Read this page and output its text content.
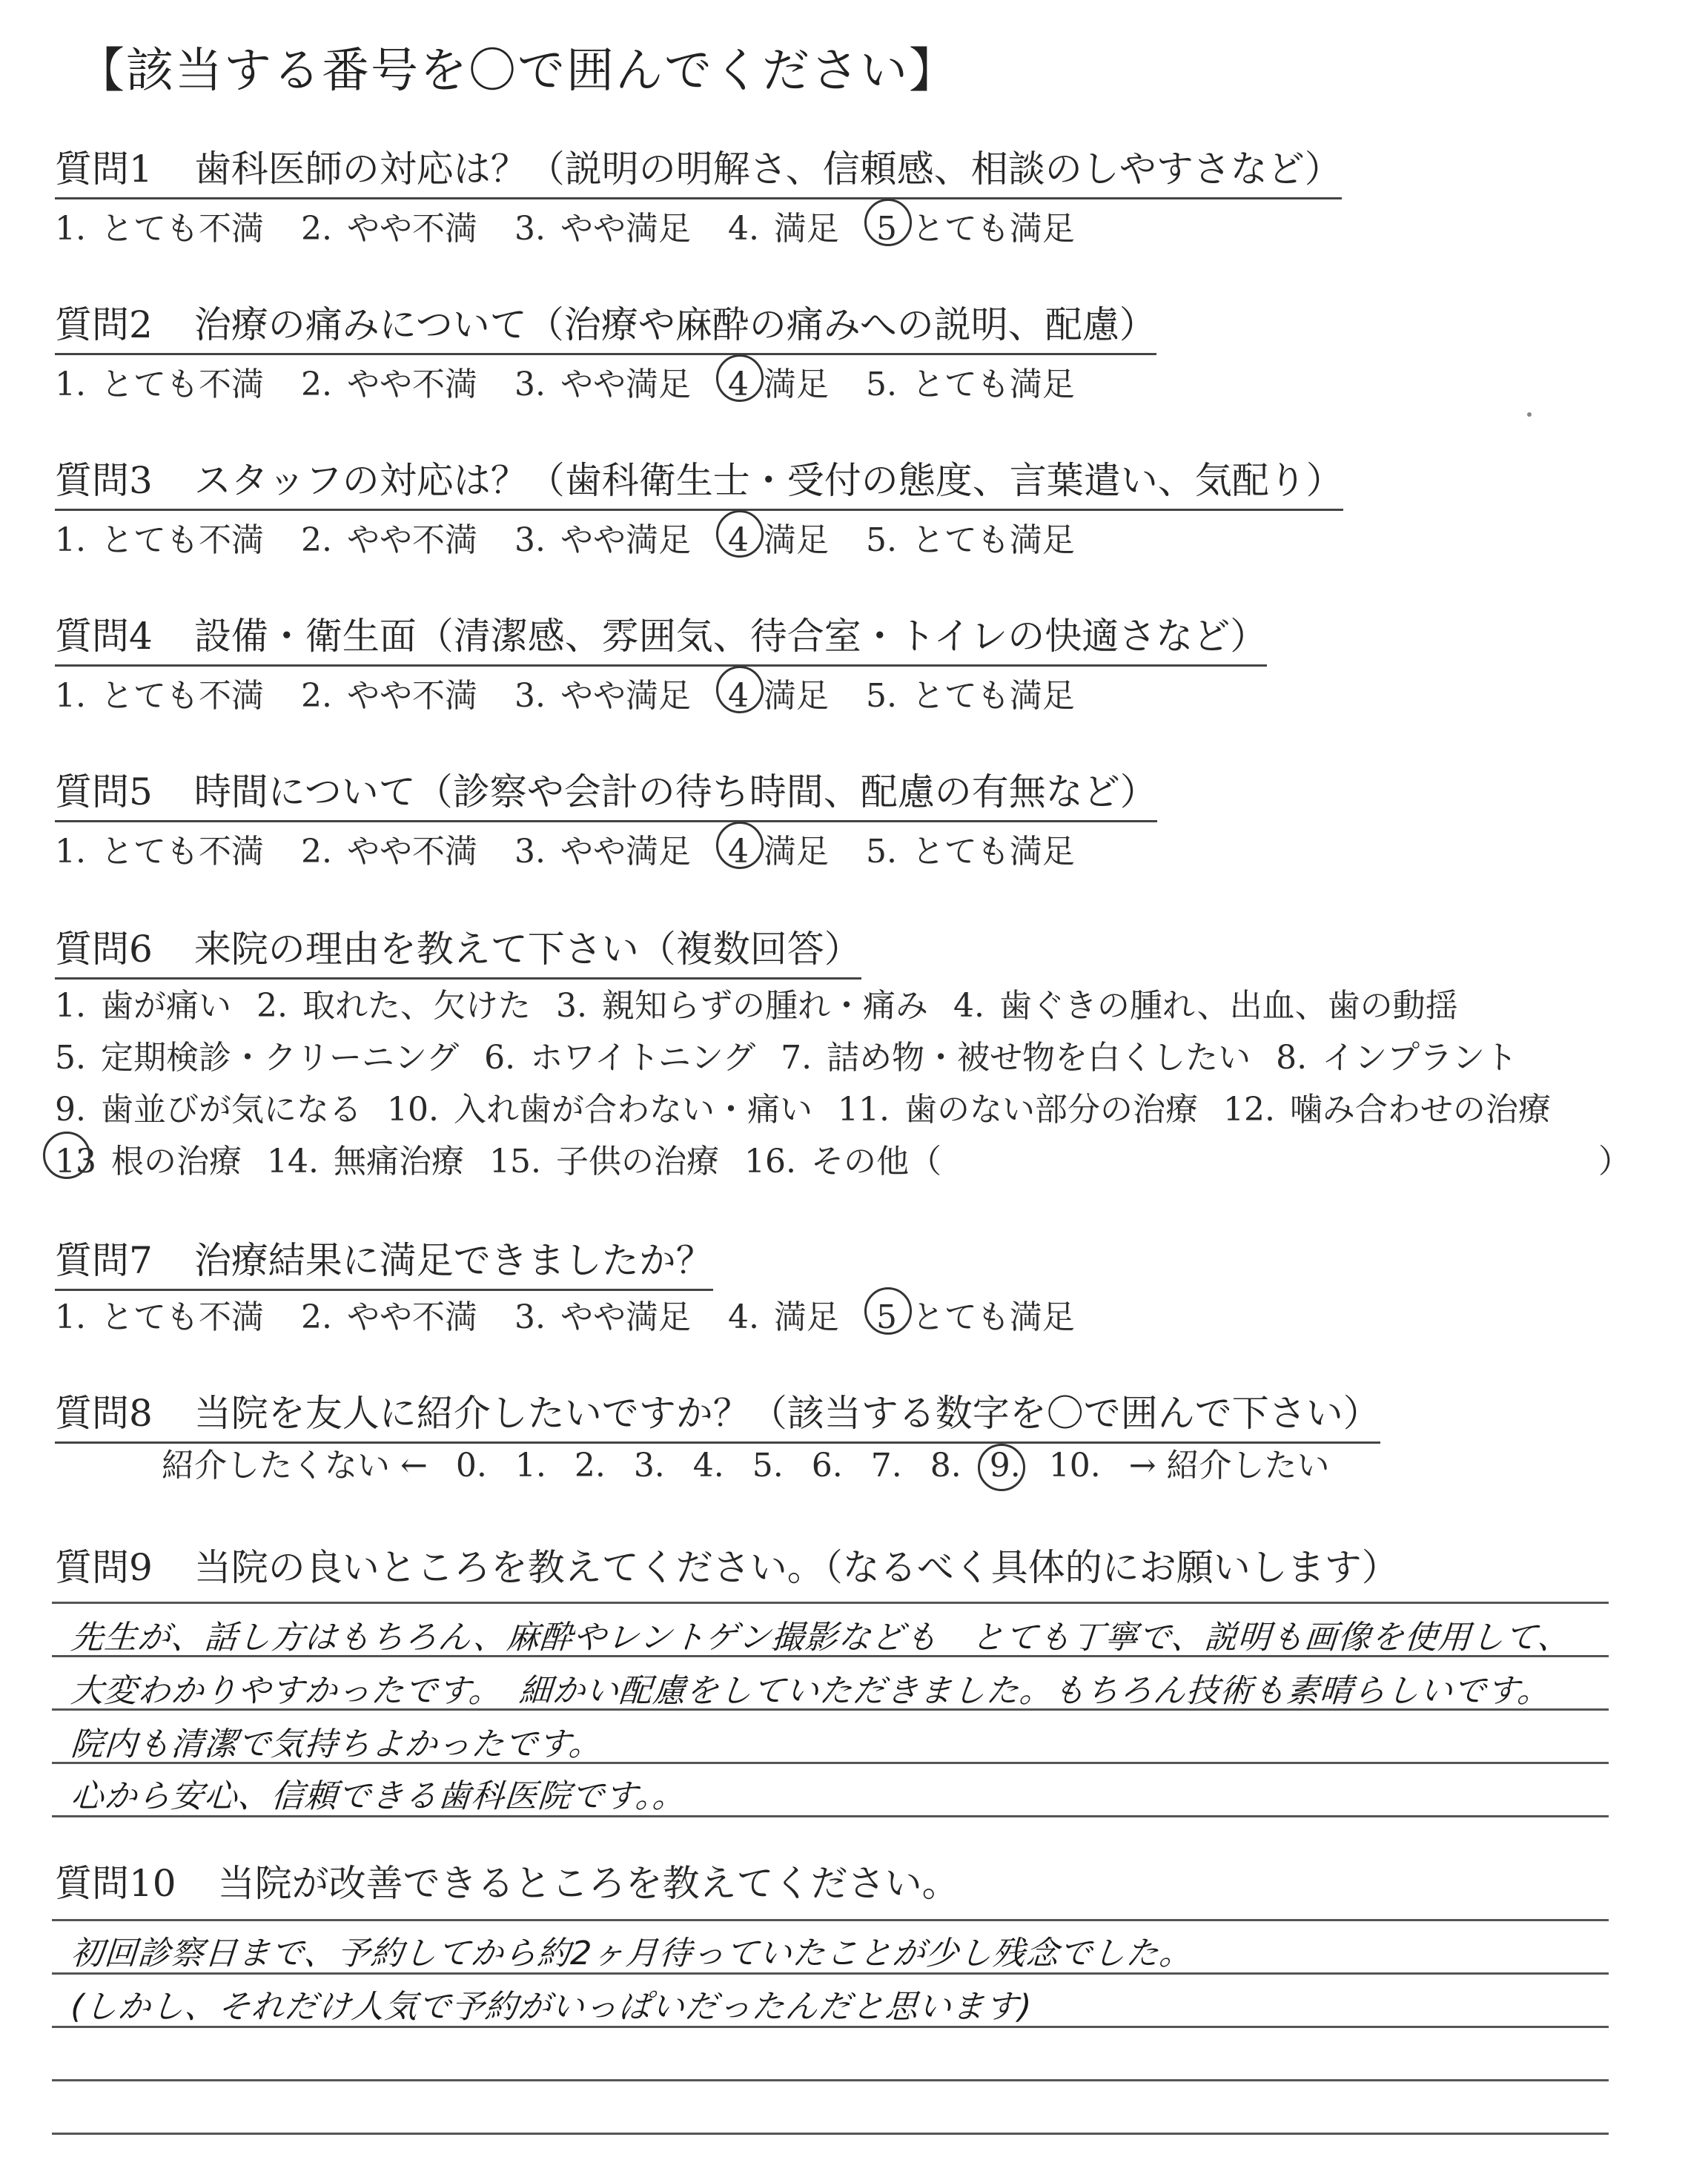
【該当する番号を〇で囲んでください】
質問1 歯科医師の対応は？（説明の明解さ、信頼感、相談のしやすさなど）
1. とても不満 2. やや不満 3. やや満足 4. 満足 5 とても満足
質問2 治療の痛みについて（治療や麻酔の痛みへの説明、配慮）
1. とても不満 2. やや不満 3. やや満足 4 満足 5. とても満足
質問3 スタッフの対応は？（歯科衛生士・受付の態度、言葉遣い、気配り）
1. とても不満 2. やや不満 3. やや満足 4 満足 5. とても満足
質問4 設備・衛生面（清潔感、雰囲気、待合室・トイレの快適さなど）
1. とても不満 2. やや不満 3. やや満足 4 満足 5. とても満足
質問5 時間について（診察や会計の待ち時間、配慮の有無など）
1. とても不満 2. やや不満 3. やや満足 4 満足 5. とても満足
質問6 来院の理由を教えて下さい（複数回答）
1. 歯が痛い 2. 取れた、欠けた 3. 親知らずの腫れ・痛み 4. 歯ぐきの腫れ、出血、歯の動揺
5. 定期検診・クリーニング 6. ホワイトニング 7. 詰め物・被せ物を白くしたい 8. インプラント
9. 歯並びが気になる 10. 入れ歯が合わない・痛い 11. 歯のない部分の治療 12. 噛み合わせの治療
13 根の治療 14. 無痛治療 15. 子供の治療 16. その他（	）
質問7 治療結果に満足できましたか？
1. とても不満 2. やや不満 3. やや満足 4. 満足 5 とても満足
質問8 当院を友人に紹介したいですか？（該当する数字を〇で囲んで下さい）
紹介したくない ← 0. 1. 2. 3. 4. 5. 6. 7. 8. 9. 10. → 紹介したい
質問9 当院の良いところを教えてください。（なるべく具体的にお願いします）
先生が、話し方はもちろん、麻酔やレントゲン撮影なども　とても丁寧で、説明も画像を使用して、
大変わかりやすかったです。　細かい配慮をしていただきました。もちろん技術も素晴らしいです。
院内も清潔で気持ちよかったです。
心から安心、信頼できる歯科医院です。。
質問10 当院が改善できるところを教えてください。
初回診察日まで、予約してから約2ヶ月待っていたことが少し残念でした。
(しかし、それだけ人気で予約がいっぱいだったんだと思います)
